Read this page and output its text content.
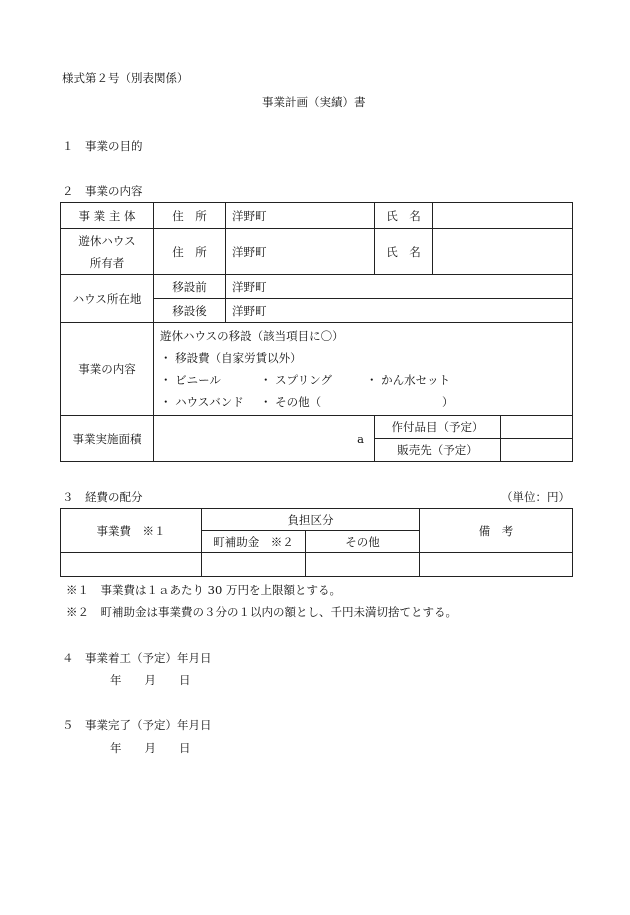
様式第２号（別表関係）
事業計画（実績）書
１　事業の目的
２　事業の内容
事 業 主 体	住　所	洋野町	氏　名	

遊休ハウス
所有者	住　所	洋野町	氏　名	
ハウス所在地	移設前	洋野町		
	移設後	洋野町		
事業の内容	遊休ハウスの移設（該当項目に〇）
・ 移設費（自家労賃以外）
・ ビニール ・ スプリング ・ かん水セット
・ ハウスバンド ・ その他（ ）			

事業実施面積	a		作付品目（予定）	

			販売先（予定）	
３　経費の配分	（単位：円）
事業費　※１	負担区分		備　考
	町補助金　※２	その他	

※１　事業費は１ａあたり 30 万円を上限額とする。
※２　町補助金は事業費の３分の１以内の額とし、千円未満切捨てとする。
４　事業着工（予定）年月日
年　　月　　日
５　事業完了（予定）年月日
年　　月　　日
